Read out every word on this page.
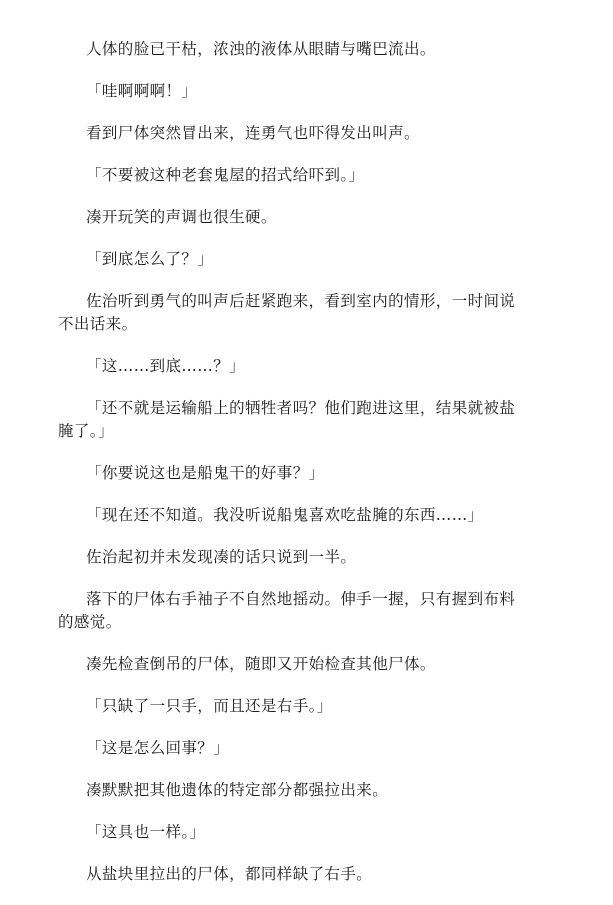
人体的脸已干枯，浓浊的液体从眼睛与嘴巴流出。

「哇啊啊啊！」

看到尸体突然冒出来，连勇气也吓得发出叫声。

「不要被这种老套鬼屋的招式给吓到。」

凑开玩笑的声调也很生硬。

「到底怎么了？」

佐治听到勇气的叫声后赶紧跑来，看到室内的情形，一时间说
不出话来。

「这……到底……？」

「还不就是运输船上的牺牲者吗？他们跑进这里，结果就被盐
腌了。」

「你要说这也是船鬼干的好事？」

「现在还不知道。我没听说船鬼喜欢吃盐腌的东西……」

佐治起初并未发现凑的话只说到一半。

落下的尸体右手袖子不自然地摇动。伸手一握，只有握到布料
的感觉。

凑先检查倒吊的尸体，随即又开始检查其他尸体。

「只缺了一只手，而且还是右手。」

「这是怎么回事？」

凑默默把其他遗体的特定部分都强拉出来。

「这具也一样。」

从盐块里拉出的尸体，都同样缺了右手。
